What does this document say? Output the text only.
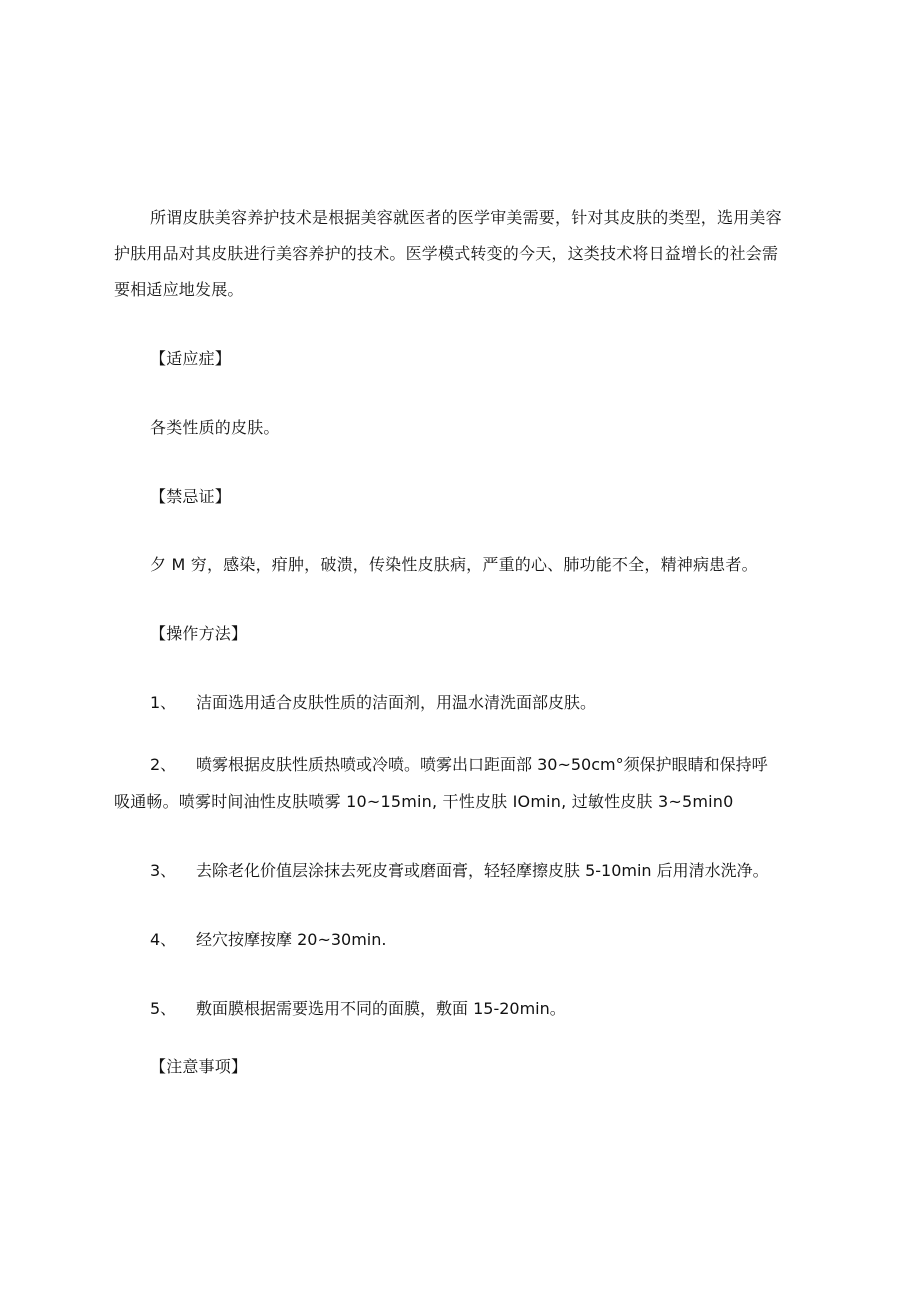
所谓皮肤美容养护技术是根据美容就医者的医学审美需要，针对其皮肤的类型，选用美容
护肤用品对其皮肤进行美容养护的技术。医学模式转变的今天，这类技术将日益增长的社会需
要相适应地发展。
【适应症】
各类性质的皮肤。
【禁忌证】
夕 M 穷，感染，疳肿，破溃，传染性皮肤病，严重的心、肺功能不全，精神病患者。
【操作方法】
1、 洁面选用适合皮肤性质的洁面剂，用温水清洗面部皮肤。
2、 喷雾根据皮肤性质热喷或冷喷。喷雾出口距面部 30~50cm°须保护眼睛和保持呼
吸通畅。喷雾时间油性皮肤喷雾 10~15min, 干性皮肤 IOmin, 过敏性皮肤 3~5min0
3、 去除老化价值层涂抹去死皮膏或磨面膏，轻轻摩擦皮肤 5-10min 后用清水洗净。
4、 经穴按摩按摩 20~30min.
5、 敷面膜根据需要选用不同的面膜，敷面 15-20min。
【注意事项】
